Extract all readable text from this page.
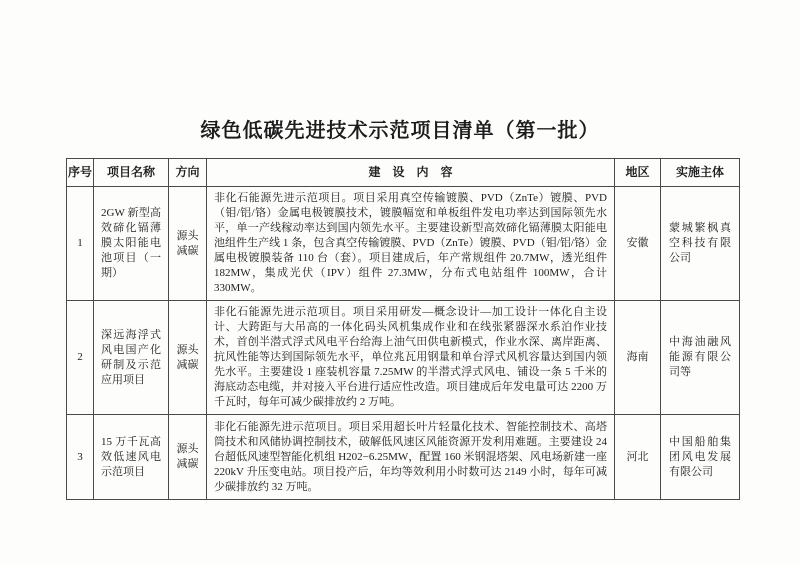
绿色低碳先进技术示范项目清单（第一批）
序号	项目名称	方向	建　设　内　容	地区	实施主体
1	2GW 新型高效碲化镉薄膜太阳能电池项目（一期）	源头减碳	非化石能源先进示范项目。项目采用真空传输镀膜、PVD（ZnTe）镀膜、PVD（钼/铝/铬）金属电极镀膜技术，镀膜幅宽和单板组件发电功率达到国际领先水平，单一产线稼动率达到国内领先水平。主要建设新型高效碲化镉薄膜太阳能电池组件生产线 1 条，包含真空传输镀膜、PVD（ZnTe）镀膜、PVD（钼/铝/铬）金属电极镀膜装备 110 台（套）。项目建成后，年产常规组件 20.7MW，透光组件 182MW，集成光伏（IPV）组件 27.3MW，分布式电站组件 100MW，合计 330MW。	安徽	蒙城繁枫真空科技有限公司
2	深远海浮式风电国产化研制及示范应用项目	源头减碳	非化石能源先进示范项目。项目采用研发—概念设计—加工设计一体化自主设计、大跨距与大吊高的一体化码头风机集成作业和在线张紧器深水系泊作业技术，首创半潜式浮式风电平台给海上油气田供电新模式，作业水深、离岸距离、抗风性能等达到国际领先水平，单位兆瓦用钢量和单台浮式风机容量达到国内领先水平。主要建设 1 座装机容量 7.25MW 的半潜式浮式风电、铺设一条 5 千米的海底动态电缆，并对接入平台进行适应性改造。项目建成后年发电量可达 2200 万千瓦时，每年可减少碳排放约 2 万吨。	海南	中海油融风能源有限公司等
3	15 万千瓦高效低速风电示范项目	源头减碳	非化石能源先进示范项目。项目采用超长叶片轻量化技术、智能控制技术、高塔筒技术和风储协调控制技术，破解低风速区风能资源开发利用难题。主要建设 24 台超低风速型智能化机组 H202−6.25MW，配置 160 米钢混塔架、风电场新建一座 220kV 升压变电站。项目投产后，年均等效利用小时数可达 2149 小时，每年可减少碳排放约 32 万吨。	河北	中国船舶集团风电发展有限公司
